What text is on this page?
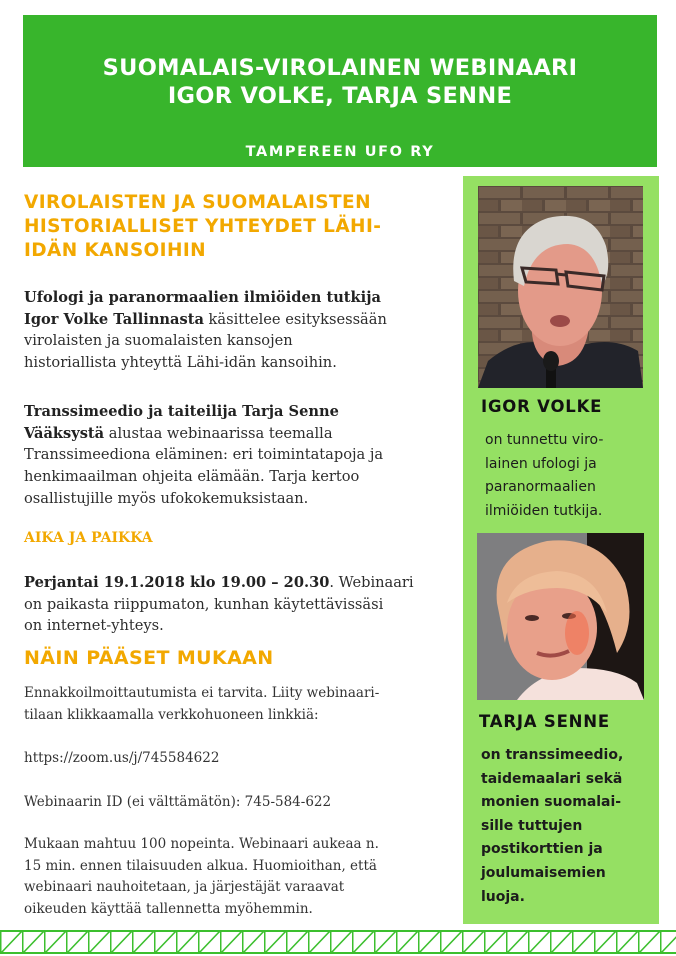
SUOMALAIS-VIROLAINEN WEBINAARI
IGOR VOLKE, TARJA SENNE
TAMPEREEN UFO RY
VIROLAISTEN JA SUOMALAISTEN
HISTORIALLISET YHTEYDET LÄHI-
IDÄN KANSOIHIN
Ufologi ja paranormaalien ilmiöiden tutkija
Igor Volke Tallinnasta käsittelee esityksessään
virolaisten ja suomalaisten kansojen
historiallista yhteyttä Lähi-idän kansoihin.
Transsimeedio ja taiteilija Tarja Senne
Vääksystä alustaa webinaarissa teemalla
Transsimeediona eläminen: eri toimintatapoja ja
henkimaailman ohjeita elämään. Tarja kertoo
osallistujille myös ufokokemuksistaan.
AIKA JA PAIKKA
Perjantai 19.1.2018 klo 19.00 – 20.30. Webinaari
on paikasta riippumaton, kunhan käytettävissäsi
on internet-yhteys.
NÄIN PÄÄSET MUKAAN
Ennakkoilmoittautumista ei tarvita. Liity webinaari-
tilaan klikkaamalla verkkohuoneen linkkiä:
https://zoom.us/j/745584622
Webinaarin ID (ei välttämätön): 745-584-622
Mukaan mahtuu 100 nopeinta. Webinaari aukeaa n.
15 min. ennen tilaisuuden alkua. Huomioithan, että
webinaari nauhoitetaan, ja järjestäjät varaavat
oikeuden käyttää tallennetta myöhemmin.
IGOR VOLKE
on tunnettu viro-
lainen ufologi ja
paranormaalien
ilmiöiden tutkija.
TARJA SENNE
on transsimeedio,
taidemaalari sekä
monien suomalai-
sille tuttujen
postikorttien ja
joulumaisemien
luoja.
